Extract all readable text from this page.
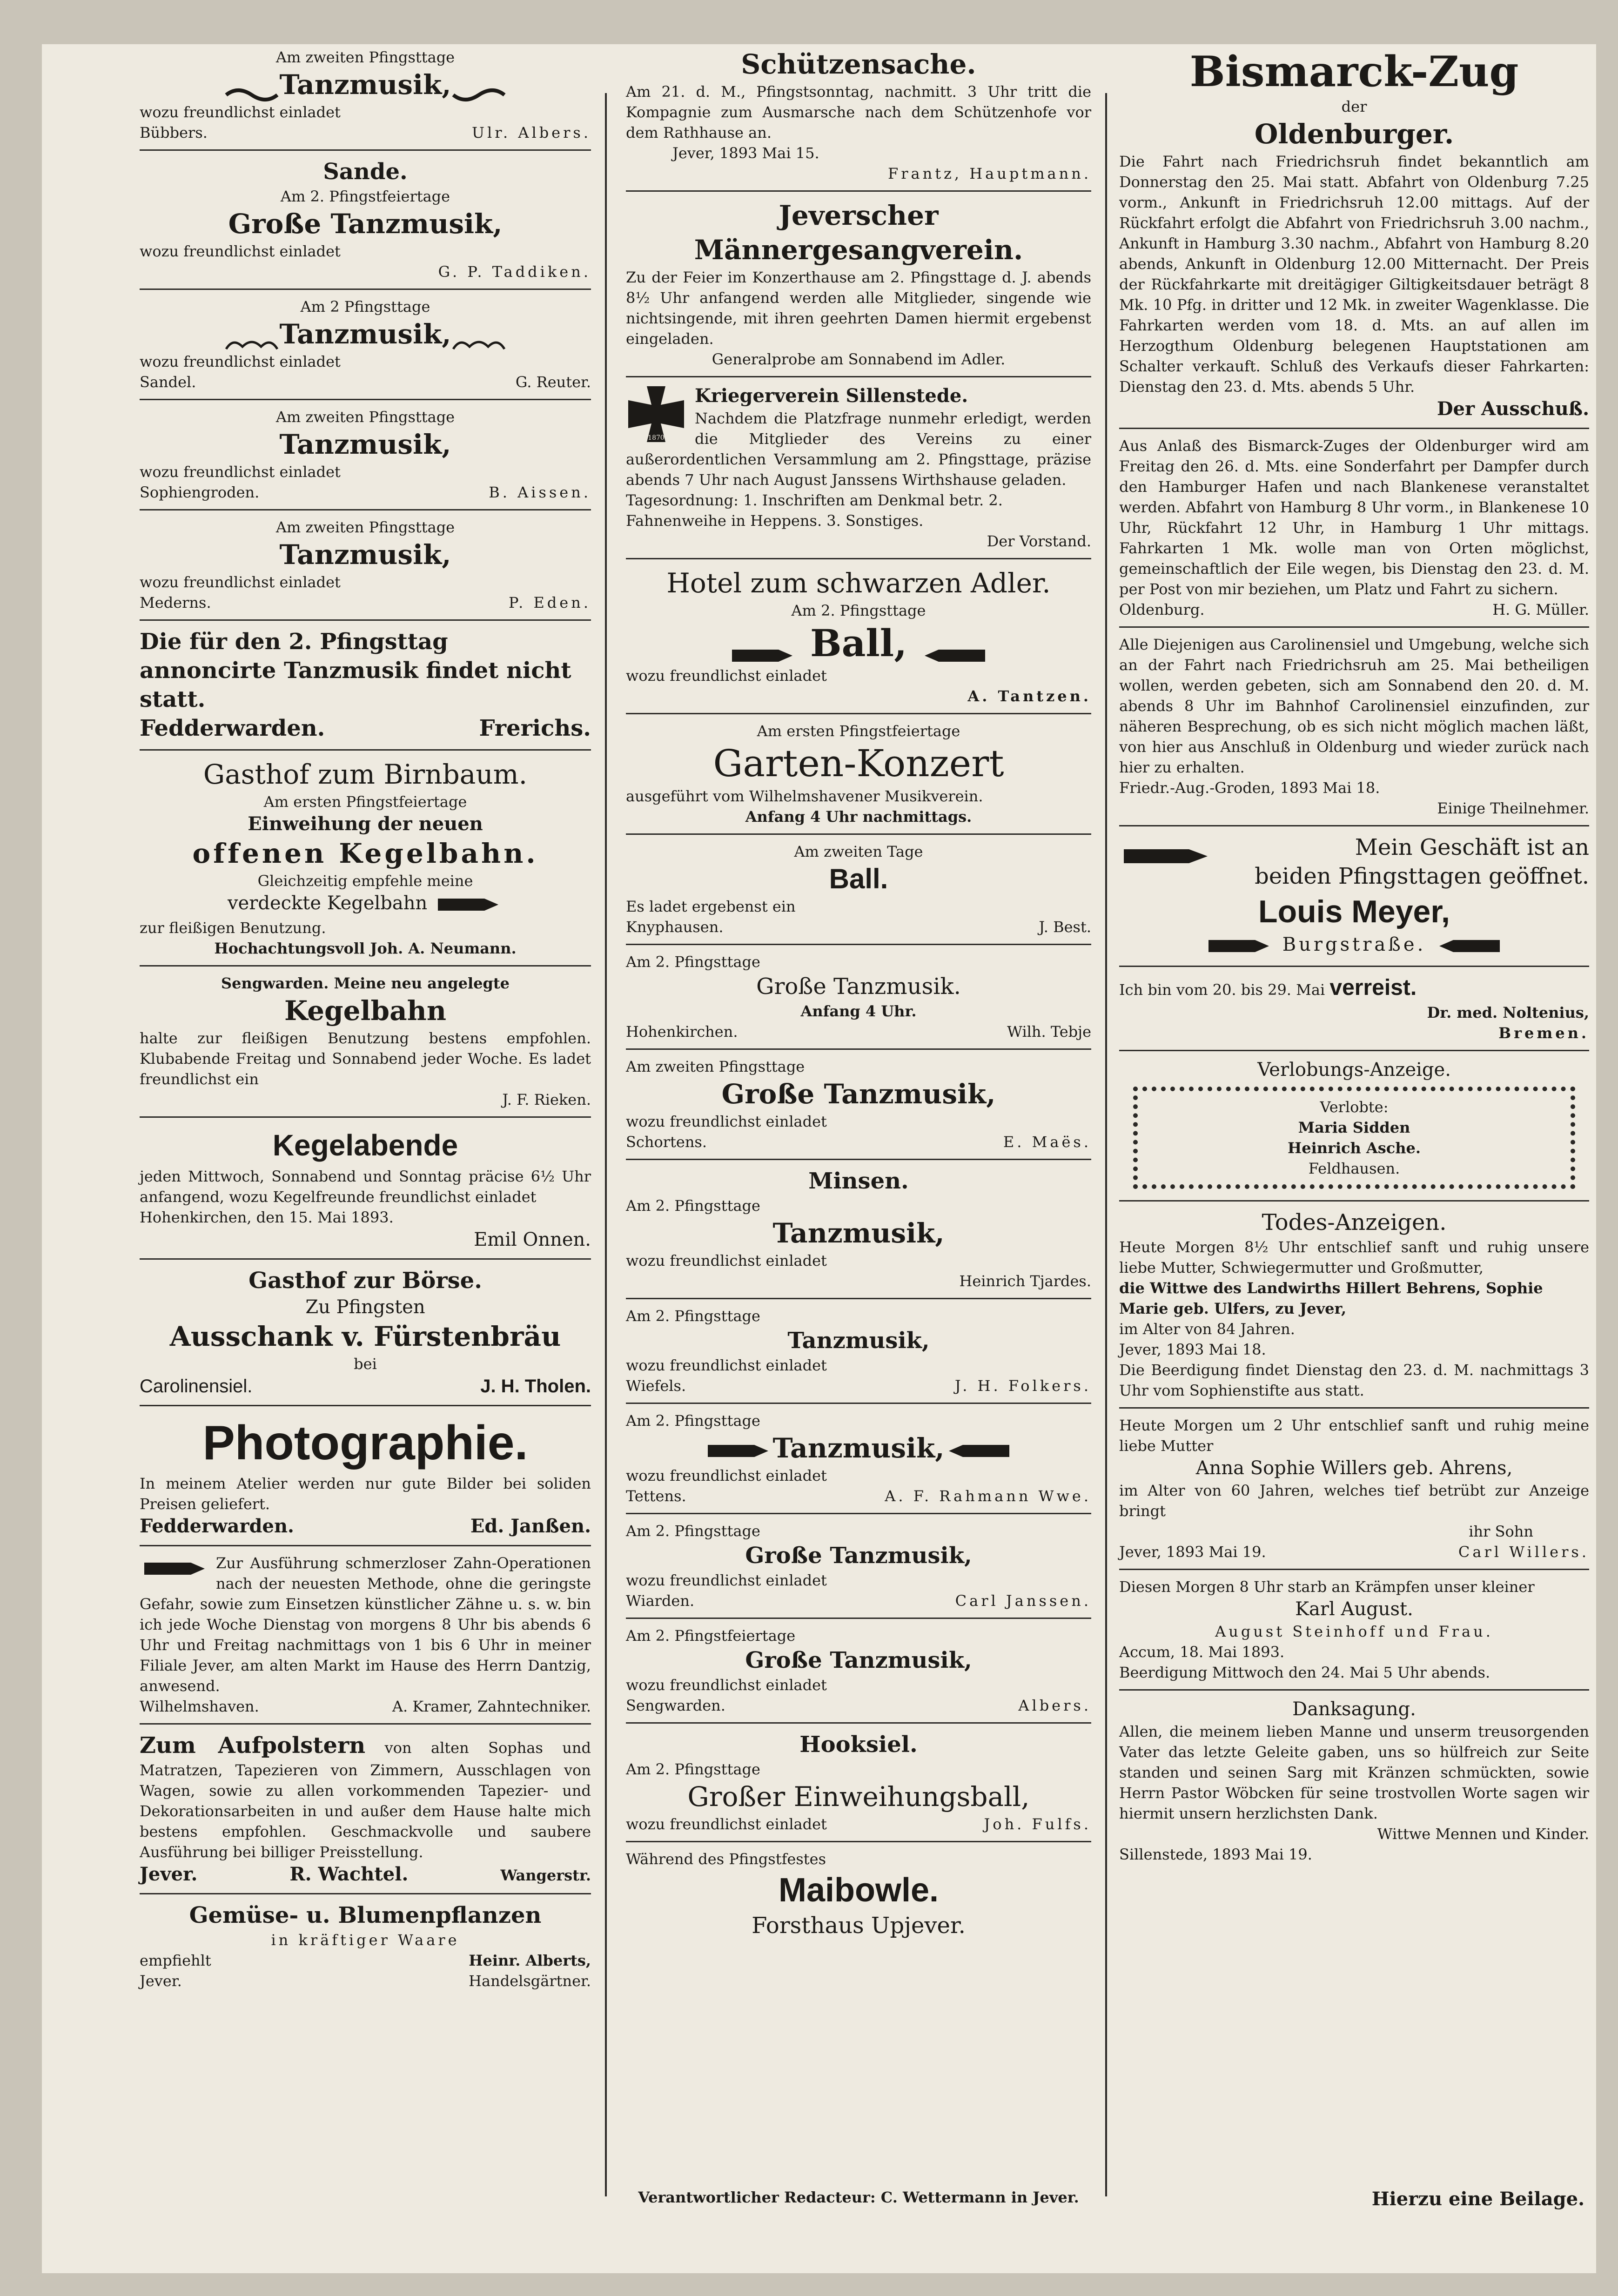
Am zweiten Pfingsttage

Tanzmusik,

wozu freundlichst einladet

Bübbers.	Ulr. Albers.

Sande.

Am 2. Pfingstfeiertage

Große Tanzmusik,

wozu freundlichst einladet

G. P. Taddiken.

Am 2 Pfingsttage

Tanzmusik,

wozu freundlichst einladet

Sandel.	G. Reuter.

Am zweiten Pfingsttage

Tanzmusik,

wozu freundlichst einladet

Sophiengroden.	B. Aissen.

Am zweiten Pfingsttage

Tanzmusik,

wozu freundlichst einladet

Mederns.	P. Eden.

Die für den 2. Pfingsttag annoncirte Tanzmusik findet nicht statt.

Fedderwarden.	Frerichs.

Gasthof zum Birnbaum.

Am ersten Pfingstfeiertage

Einweihung der neuen

offenen Kegelbahn.

Gleichzeitig empfehle meine

verdeckte Kegelbahn

zur fleißigen Benutzung.

Hochachtungsvoll Joh. A. Neumann.

Sengwarden. Meine neu angelegte

Kegelbahn

halte zur fleißigen Benutzung bestens empfohlen. Klubabende Freitag und Sonnabend jeder Woche. Es ladet freundlichst ein

J. F. Rieken.

Kegelabende

jeden Mittwoch, Sonnabend und Sonntag präcise 6½ Uhr anfangend, wozu Kegelfreunde freundlichst einladet

Hohenkirchen, den 15. Mai 1893.

Emil Onnen.

Gasthof zur Börse.

Zu Pfingsten

Ausschank v. Fürstenbräu

bei

Carolinensiel.	J. H. Tholen.

Photographie.

In meinem Atelier werden nur gute Bilder bei soliden Preisen geliefert.

Fedderwarden.	Ed. Janßen.

Zur Ausführung schmerzloser Zahn-Operationen nach der neuesten Methode, ohne die geringste Gefahr, sowie zum Einsetzen künstlicher Zähne u. s. w. bin ich jede Woche Dienstag von morgens 8 Uhr bis abends 6 Uhr und Freitag nachmittags von 1 bis 6 Uhr in meiner Filiale Jever, am alten Markt im Hause des Herrn Dantzig, anwesend.

Wilhelmshaven.	A. Kramer, Zahntechniker.

Zum Aufpolstern von alten Sophas und Matratzen, Tapezieren von Zimmern, Ausschlagen von Wagen, sowie zu allen vorkommenden Tapezier- und Dekorationsarbeiten in und außer dem Hause halte mich bestens empfohlen. Geschmackvolle und saubere Ausführung bei billiger Preisstellung.

Jever.	R. Wachtel.	Wangerstr.

Gemüse- u. Blumenpflanzen

in kräftiger Waare

empfiehlt	Heinr. Alberts,
Jever.	Handelsgärtner.

Schützensache.

Am 21. d. M., Pfingstsonntag, nachmitt. 3 Uhr tritt die Kompagnie zum Ausmarsche nach dem Schützenhofe vor dem Rathhause an.

Jever, 1893 Mai 15.

Frantz, Hauptmann.

Jeverscher

Männergesangverein.

Zu der Feier im Konzerthause am 2. Pfingsttage d. J. abends 8½ Uhr anfangend werden alle Mitglieder, singende wie nichtsingende, mit ihren geehrten Damen hiermit ergebenst eingeladen.

Generalprobe am Sonnabend im Adler.

1870

Kriegerverein Sillenstede.

Nachdem die Platzfrage nunmehr erledigt, werden die Mitglieder des Vereins zu einer außerordentlichen Versammlung am 2. Pfingsttage, präzise abends 7 Uhr nach August Janssens Wirthshause geladen.

Tagesordnung: 1. Inschriften am Denkmal betr. 2. Fahnenweihe in Heppens. 3. Sonstiges.

Der Vorstand.

Hotel zum schwarzen Adler.

Am 2. Pfingsttage

Ball,

wozu freundlichst einladet

A. Tantzen.

Am ersten Pfingstfeiertage

Garten-Konzert

ausgeführt vom Wilhelmshavener Musikverein.

Anfang 4 Uhr nachmittags.

Am zweiten Tage

Ball.

Es ladet ergebenst ein

Knyphausen.	J. Best.

Am 2. Pfingsttage

Große Tanzmusik.

Anfang 4 Uhr.

Hohenkirchen.	Wilh. Tebje

Am zweiten Pfingsttage

Große Tanzmusik,

wozu freundlichst einladet

Schortens.	E. Maës.

Minsen.

Am 2. Pfingsttage

Tanzmusik,

wozu freundlichst einladet

Heinrich Tjardes.

Am 2. Pfingsttage

Tanzmusik,

wozu freundlichst einladet

Wiefels.	J. H. Folkers.

Am 2. Pfingsttage

Tanzmusik,

wozu freundlichst einladet

Tettens.	A. F. Rahmann Wwe.

Am 2. Pfingsttage

Große Tanzmusik,

wozu freundlichst einladet

Wiarden.	Carl Janssen.

Am 2. Pfingstfeiertage

Große Tanzmusik,

wozu freundlichst einladet

Sengwarden.	Albers.

Hooksiel.

Am 2. Pfingsttage

Großer Einweihungsball,

wozu freundlichst einladet	Joh. Fulfs.

Während des Pfingstfestes

Maibowle.

Forsthaus Upjever.

Verantwortlicher Redacteur: C. Wettermann in Jever.

Bismarck-Zug

der

Oldenburger.

Die Fahrt nach Friedrichsruh findet bekanntlich am Donnerstag den 25. Mai statt. Abfahrt von Oldenburg 7.25 vorm., Ankunft in Friedrichsruh 12.00 mittags. Auf der Rückfahrt erfolgt die Abfahrt von Friedrichsruh 3.00 nachm., Ankunft in Hamburg 3.30 nachm., Abfahrt von Hamburg 8.20 abends, Ankunft in Oldenburg 12.00 Mitternacht. Der Preis der Rückfahrkarte mit dreitägiger Giltigkeitsdauer beträgt 8 Mk. 10 Pfg. in dritter und 12 Mk. in zweiter Wagenklasse. Die Fahrkarten werden vom 18. d. Mts. an auf allen im Herzogthum Oldenburg belegenen Hauptstationen am Schalter verkauft. Schluß des Verkaufs dieser Fahrkarten: Dienstag den 23. d. Mts. abends 5 Uhr.

Der Ausschuß.

Aus Anlaß des Bismarck-Zuges der Oldenburger wird am Freitag den 26. d. Mts. eine Sonderfahrt per Dampfer durch den Hamburger Hafen und nach Blankenese veranstaltet werden. Abfahrt von Hamburg 8 Uhr vorm., in Blankenese 10 Uhr, Rückfahrt 12 Uhr, in Hamburg 1 Uhr mittags. Fahrkarten 1 Mk. wolle man von Orten möglichst, gemeinschaftlich der Eile wegen, bis Dienstag den 23. d. M. per Post von mir beziehen, um Platz und Fahrt zu sichern.

Oldenburg.	H. G. Müller.

Alle Diejenigen aus Carolinensiel und Umgebung, welche sich an der Fahrt nach Friedrichsruh am 25. Mai betheiligen wollen, werden gebeten, sich am Sonnabend den 20. d. M. abends 8 Uhr im Bahnhof Carolinensiel einzufinden, zur näheren Besprechung, ob es sich nicht möglich machen läßt, von hier aus Anschluß in Oldenburg und wieder zurück nach hier zu erhalten.

Friedr.-Aug.-Groden, 1893 Mai 18.

Einige Theilnehmer.

Mein Geschäft ist an

beiden Pfingsttagen geöffnet.

Louis Meyer,

Burgstraße.

Ich bin vom 20. bis 29. Mai verreist.

Dr. med. Noltenius,

Bremen.

Verlobungs-Anzeige.

Verlobte:

Maria Sidden

Heinrich Asche.

Feldhausen.

Todes-Anzeigen.

Heute Morgen 8½ Uhr entschlief sanft und ruhig unsere liebe Mutter, Schwiegermutter und Großmutter,

die Wittwe des Landwirths Hillert Behrens, Sophie Marie geb. Ulfers, zu Jever,

im Alter von 84 Jahren.

Jever, 1893 Mai 18.

Die Beerdigung findet Dienstag den 23. d. M. nachmittags 3 Uhr vom Sophienstifte aus statt.

Heute Morgen um 2 Uhr entschlief sanft und ruhig meine liebe Mutter

Anna Sophie Willers geb. Ahrens,

im Alter von 60 Jahren, welches tief betrübt zur Anzeige bringt

ihr Sohn

Jever, 1893 Mai 19.	Carl Willers.

Diesen Morgen 8 Uhr starb an Krämpfen unser kleiner

Karl August.

August Steinhoff und Frau.

Accum, 18. Mai 1893.

Beerdigung Mittwoch den 24. Mai 5 Uhr abends.

Danksagung.

Allen, die meinem lieben Manne und unserm treusorgenden Vater das letzte Geleite gaben, uns so hülfreich zur Seite standen und seinen Sarg mit Kränzen schmückten, sowie Herrn Pastor Wöbcken für seine trostvollen Worte sagen wir hiermit unsern herzlichsten Dank.

Wittwe Mennen und Kinder.

Sillenstede, 1893 Mai 19.

Hierzu eine Beilage.
